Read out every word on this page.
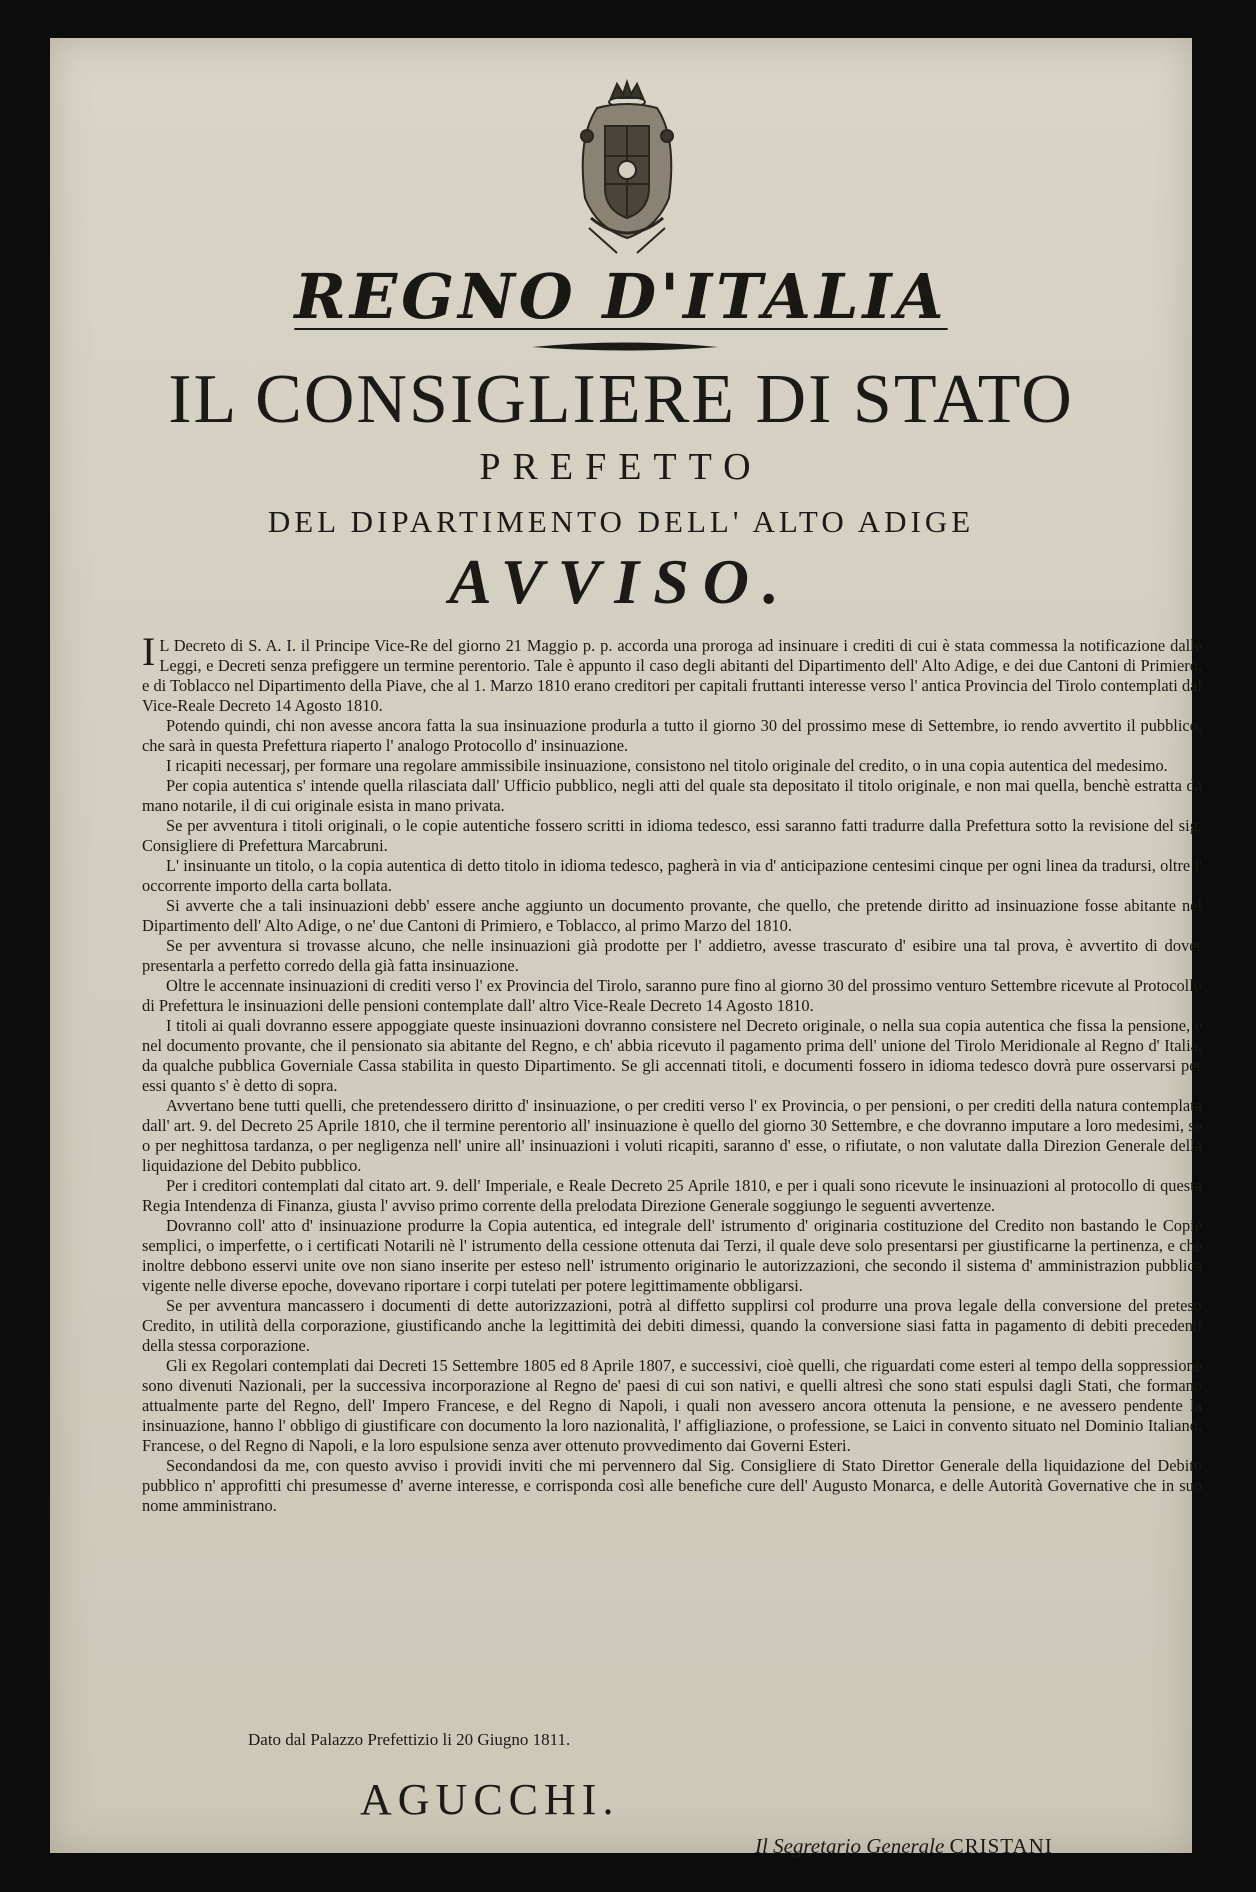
REGNO D'ITALIA
IL CONSIGLIERE DI STATO
PREFETTO
DEL DIPARTIMENTO DELL' ALTO ADIGE
AVVISO.

I L Decreto di S. A. I. il Principe Vice-Re del giorno 21 Maggio p. p. accorda una proroga ad insinuare i crediti di cui è stata commessa la notificazione dalle Leggi, e Decreti senza prefiggere un termine perentorio. Tale è appunto il caso degli abitanti del Dipartimento dell' Alto Adige, e dei due Cantoni di Primiero, e di Toblacco nel Dipartimento della Piave, che al 1. Marzo 1810 erano creditori per capitali fruttanti interesse verso l' antica Provincia del Tirolo contemplati dal Vice-Reale Decreto 14 Agosto 1810.

Potendo quindi, chi non avesse ancora fatta la sua insinuazione produrla a tutto il giorno 30 del prossimo mese di Settembre, io rendo avvertito il pubblico, che sarà in questa Prefettura riaperto l' analogo Protocollo d' insinuazione.

I ricapiti necessarj, per formare una regolare ammissibile insinuazione, consistono nel titolo originale del credito, o in una copia autentica del medesimo.

Per copia autentica s' intende quella rilasciata dall' Ufficio pubblico, negli atti del quale sta depositato il titolo originale, e non mai quella, benchè estratta da mano notarile, il di cui originale esista in mano privata.

Se per avventura i titoli originali, o le copie autentiche fossero scritti in idioma tedesco, essi saranno fatti tradurre dalla Prefettura sotto la revisione del sig. Consigliere di Prefettura Marcabruni.

L' insinuante un titolo, o la copia autentica di detto titolo in idioma tedesco, pagherà in via d' anticipazione centesimi cinque per ogni linea da tradursi, oltre l' occorrente importo della carta bollata.

Si avverte che a tali insinuazioni debb' essere anche aggiunto un documento provante, che quello, che pretende diritto ad insinuazione fosse abitante nel Dipartimento dell' Alto Adige, o ne' due Cantoni di Primiero, e Toblacco, al primo Marzo del 1810.

Se per avventura si trovasse alcuno, che nelle insinuazioni già prodotte per l' addietro, avesse trascurato d' esibire una tal prova, è avvertito di dover presentarla a perfetto corredo della già fatta insinuazione.

Oltre le accennate insinuazioni di crediti verso l' ex Provincia del Tirolo, saranno pure fino al giorno 30 del prossimo venturo Settembre ricevute al Protocollo di Prefettura le insinuazioni delle pensioni contemplate dall' altro Vice-Reale Decreto 14 Agosto 1810.

I titoli ai quali dovranno essere appoggiate queste insinuazioni dovranno consistere nel Decreto originale, o nella sua copia autentica che fissa la pensione, e nel documento provante, che il pensionato sia abitante del Regno, e ch' abbia ricevuto il pagamento prima dell' unione del Tirolo Meridionale al Regno d' Italia, da qualche pubblica Governiale Cassa stabilita in questo Dipartimento. Se gli accennati titoli, e documenti fossero in idioma tedesco dovrà pure osservarsi per essi quanto s' è detto di sopra.

Avvertano bene tutti quelli, che pretendessero diritto d' insinuazione, o per crediti verso l' ex Provincia, o per pensioni, o per crediti della natura contemplata dall' art. 9. del Decreto 25 Aprile 1810, che il termine perentorio all' insinuazione è quello del giorno 30 Settembre, e che dovranno imputare a loro medesimi, se o per neghittosa tardanza, o per negligenza nell' unire all' insinuazioni i voluti ricapiti, saranno d' esse, o rifiutate, o non valutate dalla Direzion Generale della liquidazione del Debito pubblico.

Per i creditori contemplati dal citato art. 9. dell' Imperiale, e Reale Decreto 25 Aprile 1810, e per i quali sono ricevute le insinuazioni al protocollo di questa Regia Intendenza di Finanza, giusta l' avviso primo corrente della prelodata Direzione Generale soggiungo le seguenti avvertenze.

Dovranno coll' atto d' insinuazione produrre la Copia autentica, ed integrale dell' istrumento d' originaria costituzione del Credito non bastando le Copie semplici, o imperfette, o i certificati Notarili nè l' istrumento della cessione ottenuta dai Terzi, il quale deve solo presentarsi per giustificarne la pertinenza, e che inoltre debbono esservi unite ove non siano inserite per esteso nell' istrumento originario le autorizzazioni, che secondo il sistema d' amministrazion pubblica vigente nelle diverse epoche, dovevano riportare i corpi tutelati per potere legittimamente obbligarsi.

Se per avventura mancassero i documenti di dette autorizzazioni, potrà al diffetto supplirsi col produrre una prova legale della conversione del preteso Credito, in utilità della corporazione, giustificando anche la legittimità dei debiti dimessi, quando la conversione siasi fatta in pagamento di debiti precedenti della stessa corporazione.

Gli ex Regolari contemplati dai Decreti 15 Settembre 1805 ed 8 Aprile 1807, e successivi, cioè quelli, che riguardati come esteri al tempo della soppressione sono divenuti Nazionali, per la successiva incorporazione al Regno de' paesi di cui son nativi, e quelli altresì che sono stati espulsi dagli Stati, che formano attualmente parte del Regno, dell' Impero Francese, e del Regno di Napoli, i quali non avessero ancora ottenuta la pensione, e ne avessero pendente la insinuazione, hanno l' obbligo di giustificare con documento la loro nazionalità, l' affigliazione, o professione, se Laici in convento situato nel Dominio Italiano, Francese, o del Regno di Napoli, e la loro espulsione senza aver ottenuto provvedimento dai Governi Esteri.

Secondandosi da me, con questo avviso i providi inviti che mi pervennero dal Sig. Consigliere di Stato Direttor Generale della liquidazione del Debito pubblico n' approfitti chi presumesse d' averne interesse, e corrisponda così alle benefiche cure dell' Augusto Monarca, e delle Autorità Governative che in suo nome amministrano.

Dato dal Palazzo Prefettizio li 20 Giugno 1811.
AGUCCHI.
Il Segretario Generale CRISTANI
